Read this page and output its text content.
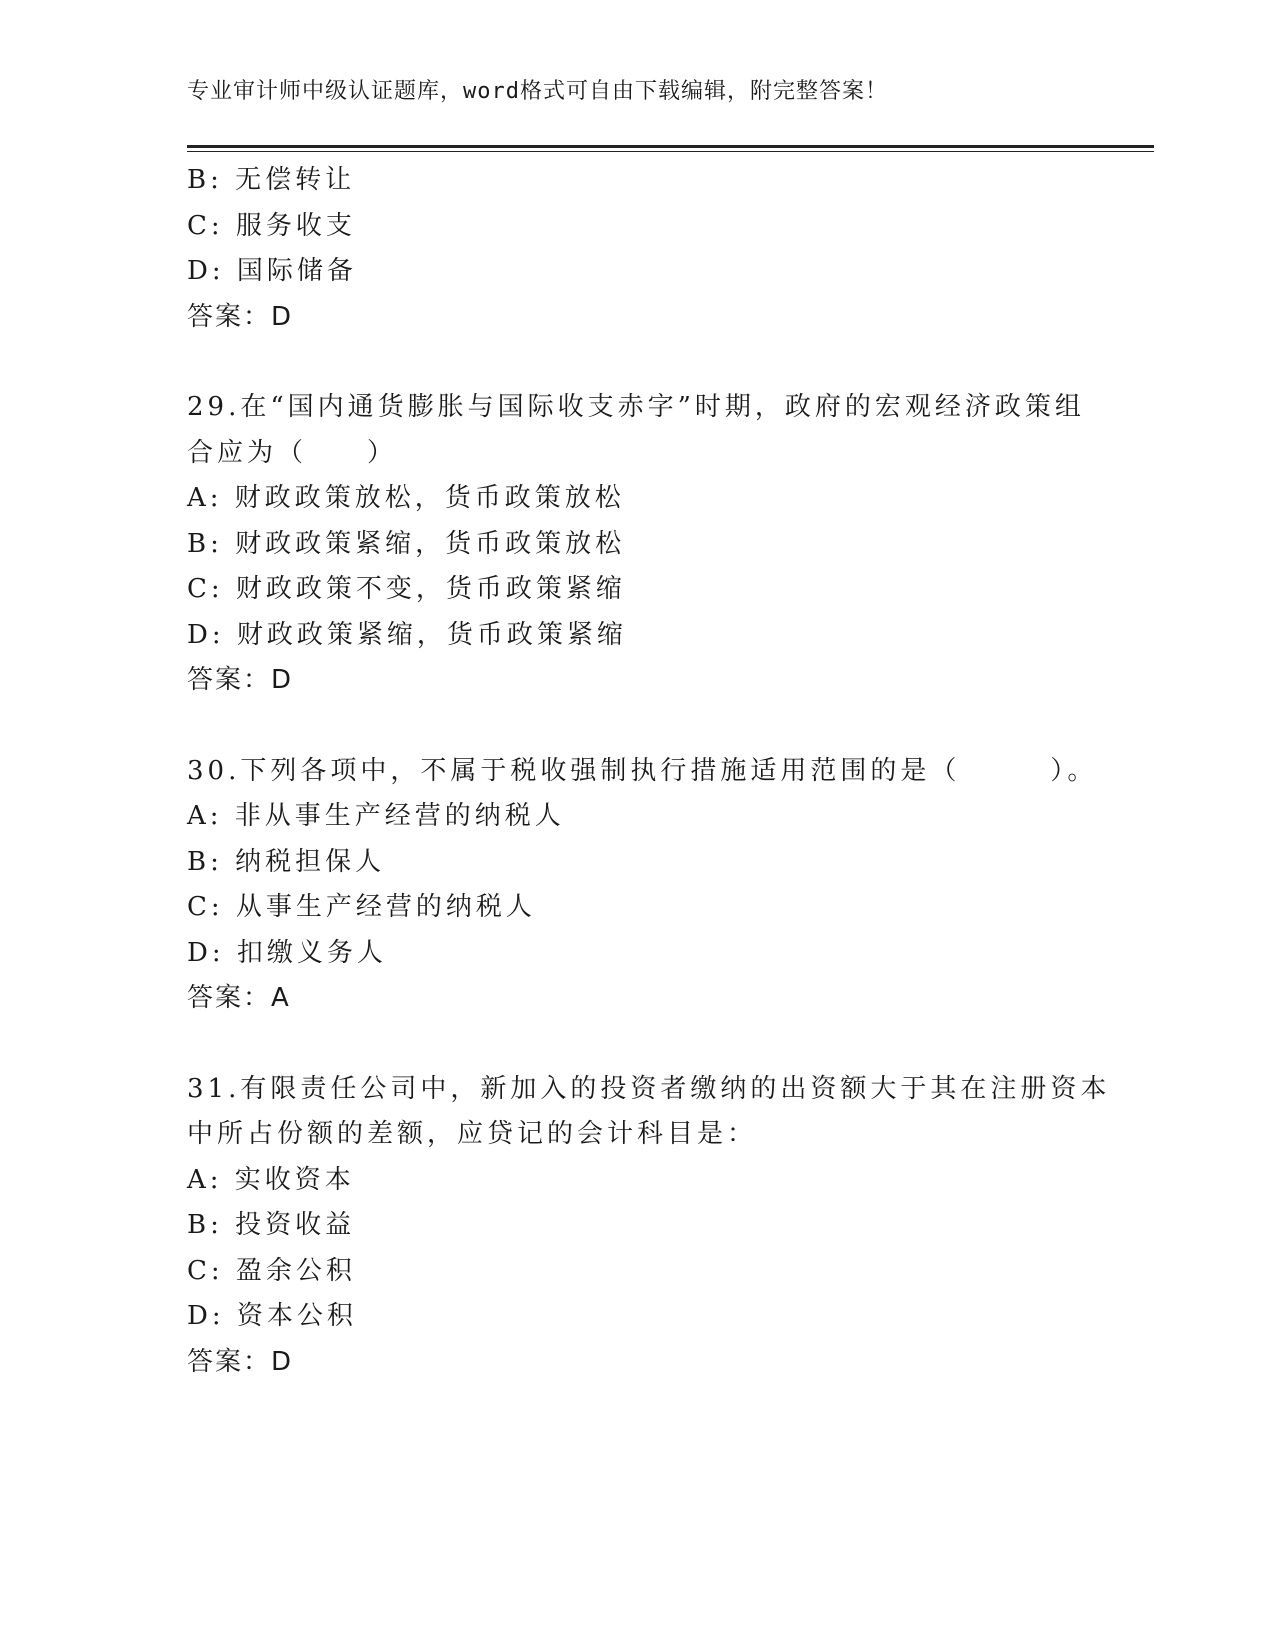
专业审计师中级认证题库，word格式可自由下载编辑，附完整答案！
B: 无偿转让
C: 服务收支
D: 国际储备
答案：D
29.在“国内通货膨胀与国际收支赤字”时期，政府的宏观经济政策组
合应为（　　）
A: 财政政策放松，货币政策放松
B: 财政政策紧缩，货币政策放松
C: 财政政策不变，货币政策紧缩
D: 财政政策紧缩，货币政策紧缩
答案：D
30.下列各项中，不属于税收强制执行措施适用范围的是（　　　）。
A: 非从事生产经营的纳税人
B: 纳税担保人
C: 从事生产经营的纳税人
D: 扣缴义务人
答案：A
31.有限责任公司中，新加入的投资者缴纳的出资额大于其在注册资本
中所占份额的差额，应贷记的会计科目是：
A: 实收资本
B: 投资收益
C: 盈余公积
D: 资本公积
答案：D
